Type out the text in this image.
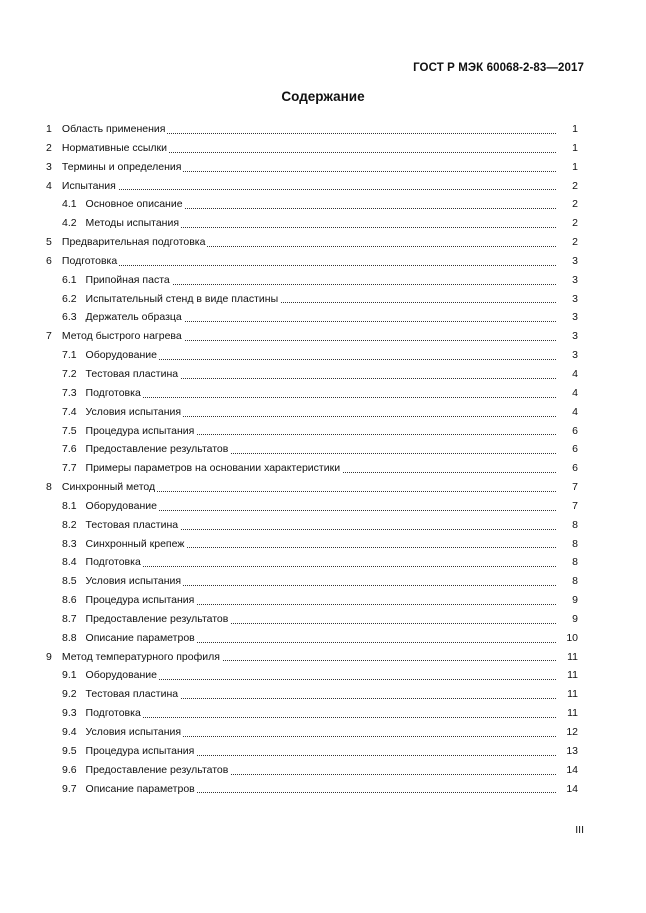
ГОСТ Р МЭК 60068-2-83—2017
Содержание
1 Область применения	1
2 Нормативные ссылки	1
3 Термины и определения	1
4 Испытания	2
4.1 Основное описание	2
4.2 Методы испытания	2
5 Предварительная подготовка	2
6 Подготовка	3
6.1 Припойная паста	3
6.2 Испытательный стенд в виде пластины	3
6.3 Держатель образца	3
7 Метод быстрого нагрева	3
7.1 Оборудование	3
7.2 Тестовая пластина	4
7.3 Подготовка	4
7.4 Условия испытания	4
7.5 Процедура испытания	6
7.6 Предоставление результатов	6
7.7 Примеры параметров на основании характеристики	6
8 Синхронный метод	7
8.1 Оборудование	7
8.2 Тестовая пластина	8
8.3 Синхронный крепеж	8
8.4 Подготовка	8
8.5 Условия испытания	8
8.6 Процедура испытания	9
8.7 Предоставление результатов	9
8.8 Описание параметров	10
9 Метод температурного профиля	11
9.1 Оборудование	11
9.2 Тестовая пластина	11
9.3 Подготовка	11
9.4 Условия испытания	12
9.5 Процедура испытания	13
9.6 Предоставление результатов	14
9.7 Описание параметров	14
III
